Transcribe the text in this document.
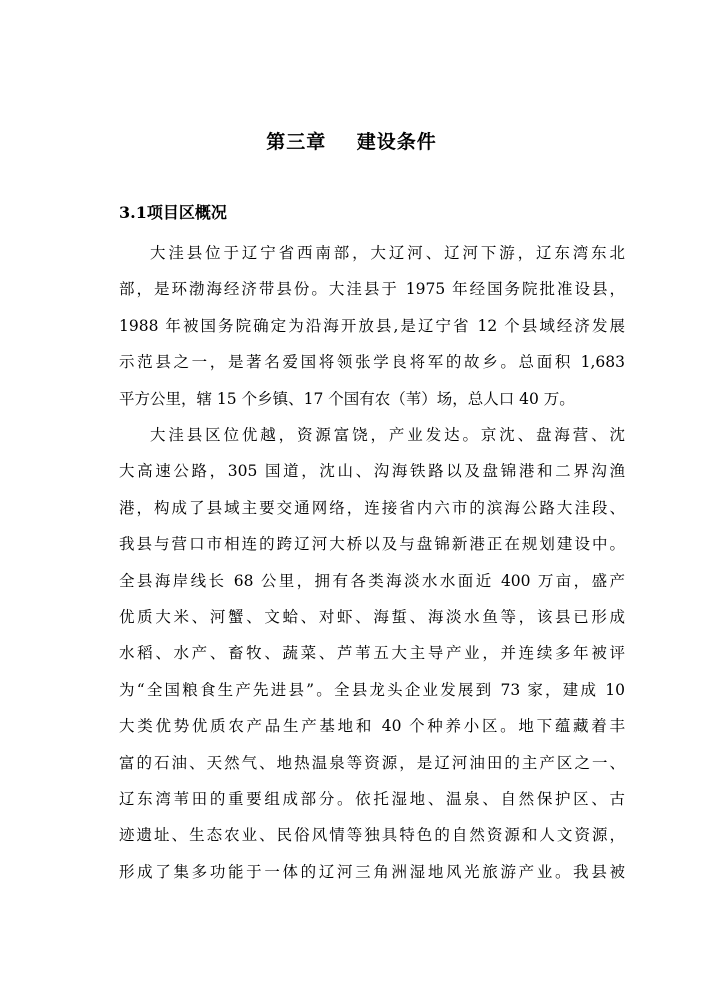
第三章    建设条件
3.1项目区概况
大洼县位于辽宁省西南部，大辽河、辽河下游，辽东湾东北
部，是环渤海经济带县份。大洼县于 1975 年经国务院批准设县，
1988 年被国务院确定为沿海开放县,是辽宁省 12 个县域经济发展
示范县之一，是著名爱国将领张学良将军的故乡。总面积 1,683
平方公里，辖 15 个乡镇、17 个国有农（苇）场，总人口 40 万。
大洼县区位优越，资源富饶，产业发达。京沈、盘海营、沈
大高速公路，305 国道，沈山、沟海铁路以及盘锦港和二界沟渔
港，构成了县域主要交通网络，连接省内六市的滨海公路大洼段、
我县与营口市相连的跨辽河大桥以及与盘锦新港正在规划建设中。
全县海岸线长 68 公里，拥有各类海淡水水面近 400 万亩，盛产
优质大米、河蟹、文蛤、对虾、海蜇、海淡水鱼等，该县已形成
水稻、水产、畜牧、蔬菜、芦苇五大主导产业，并连续多年被评
为“全国粮食生产先进县”。全县龙头企业发展到 73 家，建成 10
大类优势优质农产品生产基地和 40 个种养小区。地下蕴藏着丰
富的石油、天然气、地热温泉等资源，是辽河油田的主产区之一、
辽东湾苇田的重要组成部分。依托湿地、温泉、自然保护区、古
迹遗址、生态农业、民俗风情等独具特色的自然资源和人文资源，
形成了集多功能于一体的辽河三角洲湿地风光旅游产业。我县被
